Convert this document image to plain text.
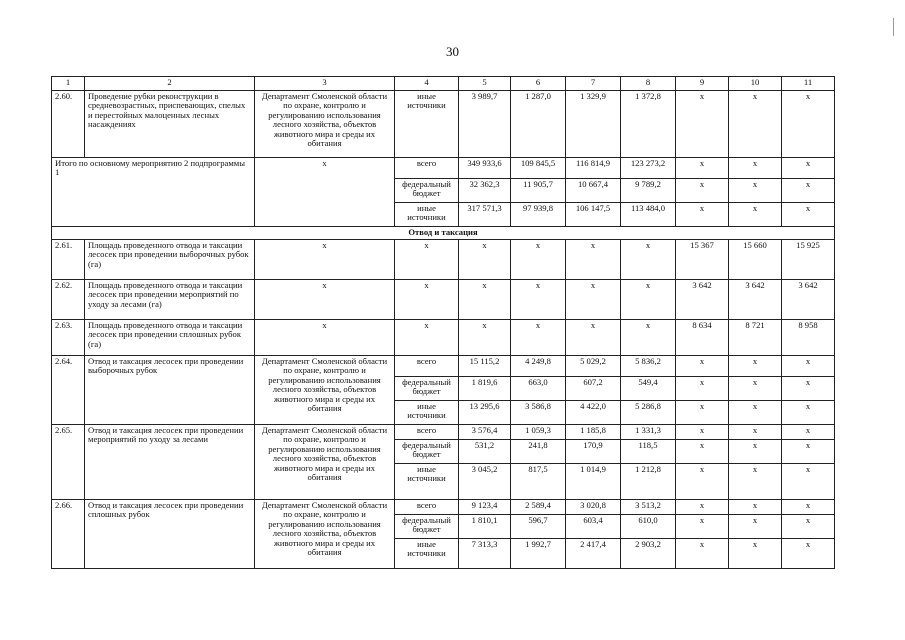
30
1	2	3	4	5	6	7	8	9	10	11
2.60.	Проведение рубки реконструкции в средневозрастных, приспевающих, спелых и перестойных малоценных лесных насаждениях	Департамент Смоленской области по охране, контролю и регулированию использования лесного хозяйства, объектов животного мира и среды их обитания	иные источники	3 989,7	1 287,0	1 329,9	1 372,8	х	х	х
Итого по основному мероприятию 2 подпрограммы 1		х	всего	349 933,6	109 845,5	116 814,9	123 273,2	х	х	х
			федеральный бюджет	32 362,3	11 905,7	10 667,4	9 789,2	х	х	х
			иные источники	317 571,3	97 939,8	106 147,5	113 484,0	х	х	х
Отвод и таксация										
2.61.	Площадь проведенного отвода и таксации лесосек при проведении выборочных рубок (га)	х	х	х	х	х	х	15 367	15 660	15 925
2.62.	Площадь проведенного отвода и таксации лесосек при проведении мероприятий по уходу за лесами (га)	х	х	х	х	х	х	3 642	3 642	3 642
2.63.	Площадь проведенного отвода и таксации лесосек при проведении сплошных рубок (га)	х	х	х	х	х	х	8 634	8 721	8 958
2.64.	Отвод и таксация лесосек при проведении выборочных рубок	Департамент Смоленской области по охране, контролю и регулированию использования лесного хозяйства, объектов животного мира и среды их обитания	всего	15 115,2	4 249,8	5 029,2	5 836,2	х	х	х
			федеральный бюджет	1 819,6	663,0	607,2	549,4	х	х	х
			иные источники	13 295,6	3 586,8	4 422,0	5 286,8	х	х	х
2.65.	Отвод и таксация лесосек при проведении мероприятий по уходу за лесами	Департамент Смоленской области по охране, контролю и регулированию использования лесного хозяйства, объектов животного мира и среды их обитания	всего	3 576,4	1 059,3	1 185,8	1 331,3	х	х	х
			федеральный бюджет	531,2	241,8	170,9	118,5	х	х	х
			иные источники	3 045,2	817,5	1 014,9	1 212,8	х	х	х
2.66.	Отвод и таксация лесосек при проведении сплошных рубок	Департамент Смоленской области по охране, контролю и регулированию использования лесного хозяйства, объектов животного мира и среды их обитания	всего	9 123,4	2 589,4	3 020,8	3 513,2	х	х	х
			федеральный бюджет	1 810,1	596,7	603,4	610,0	х	х	х
			иные источники	7 313,3	1 992,7	2 417,4	2 903,2	х	х	х
